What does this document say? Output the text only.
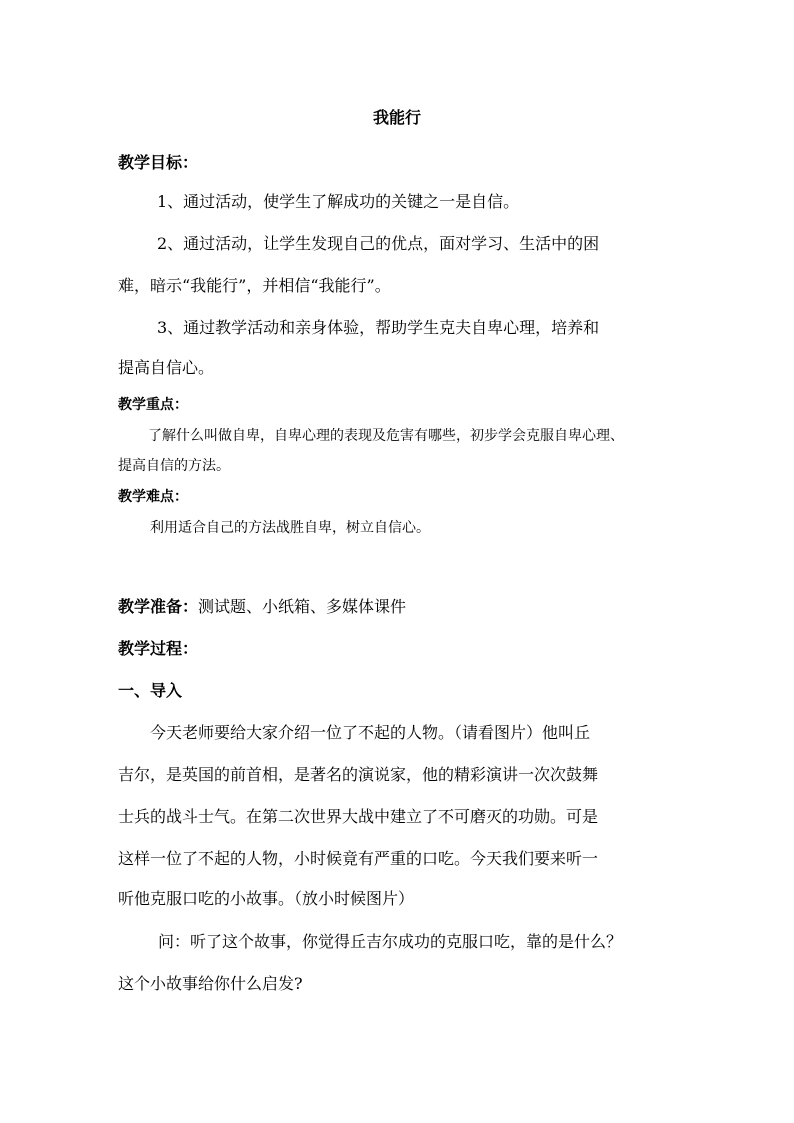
我能行
教学目标：
1、通过活动，使学生了解成功的关键之一是自信。
2、通过活动，让学生发现自己的优点，面对学习、生活中的困
难，暗示“我能行”，并相信“我能行”。
3、通过教学活动和亲身体验，帮助学生克夫自卑心理，培养和
提高自信心。
教学重点：
了解什么叫做自卑，自卑心理的表现及危害有哪些，初步学会克服自卑心理、
提高自信的方法。
教学难点：
利用适合自己的方法战胜自卑，树立自信心。
教学准备：测试题、小纸箱、多媒体课件
教学过程：
一、导入
今天老师要给大家介绍一位了不起的人物。（请看图片）他叫丘
吉尔，是英国的前首相，是著名的演说家，他的精彩演讲一次次鼓舞
士兵的战斗士气。在第二次世界大战中建立了不可磨灭的功勋。可是
这样一位了不起的人物，小时候竟有严重的口吃。今天我们要来听一
听他克服口吃的小故事。（放小时候图片）
问：听了这个故事，你觉得丘吉尔成功的克服口吃，靠的是什么？
这个小故事给你什么启发?
